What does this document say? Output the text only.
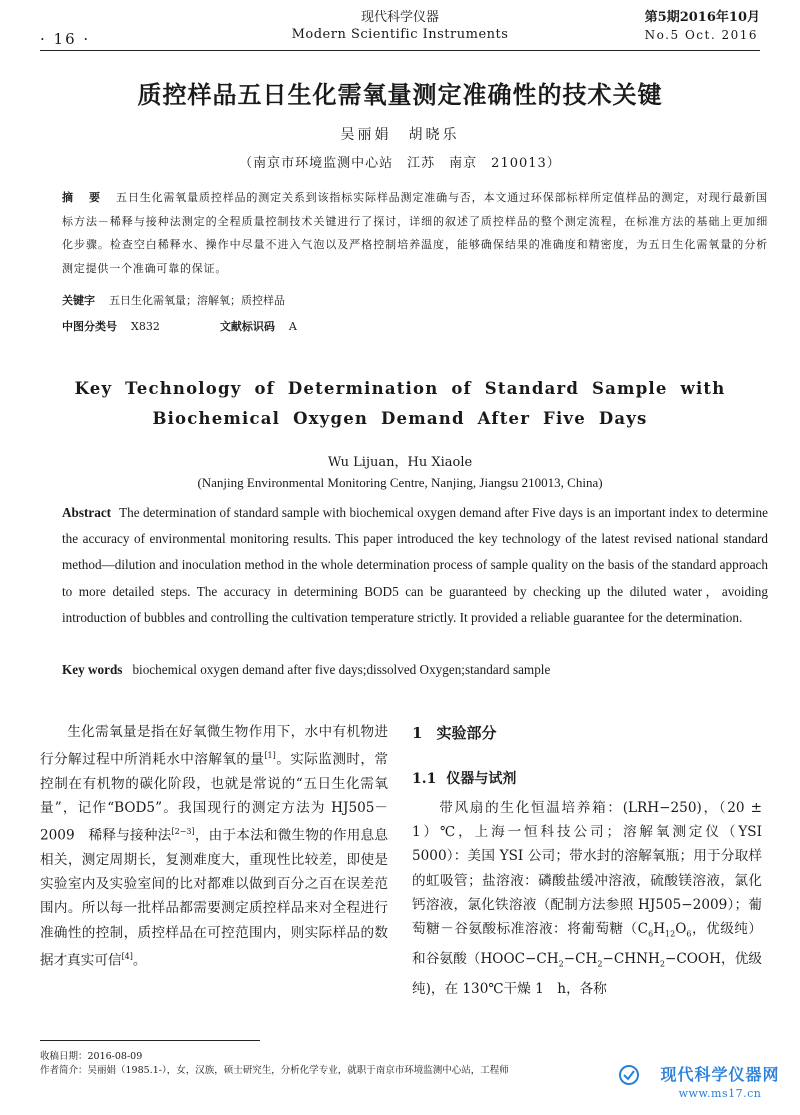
· 16 ·
现代科学仪器
Modern Scientific Instruments
第5期2016年10月
No.5 Oct. 2016
质控样品五日生化需氧量测定准确性的技术关键
吴丽娟　胡晓乐
（南京市环境监测中心站　江苏　南京　210013）
摘 要 五日生化需氧量质控样品的测定关系到该指标实际样品测定准确与否，本文通过环保部标样所定值样品的测定，对现行最新国标方法－稀释与接种法测定的全程质量控制技术关键进行了探讨，详细的叙述了质控样品的整个测定流程，在标准方法的基础上更加细化步骤。检查空白稀释水、操作中尽量不进入气泡以及严格控制培养温度，能够确保结果的准确度和精密度，为五日生化需氧量的分析测定提供一个准确可靠的保证。
关键字 五日生化需氧量；溶解氧；质控样品
中图分类号 X832	文献标识码 A
Key Technology of Determination of Standard Sample with Biochemical Oxygen Demand After Five Days
Wu Lijuan，Hu Xiaole
(Nanjing Environmental Monitoring Centre, Nanjing, Jiangsu 210013, China)
Abstract The determination of standard sample with biochemical oxygen demand after Five days is an important index to determine the accuracy of environmental monitoring results. This paper introduced the key technology of the latest revised national standard method—dilution and inoculation method in the whole determination process of sample quality on the basis of the standard approach to more detailed steps. The accuracy in determining BOD5 can be guaranteed by checking up the diluted water，avoiding introduction of bubbles and controlling the cultivation temperature strictly. It provided a reliable guarantee for the determination.
Key words biochemical oxygen demand after five days;dissolved Oxygen;standard sample

生化需氧量是指在好氧微生物作用下，水中有机物进行分解过程中所消耗水中溶解氧的量[1]。实际监测时，常控制在有机物的碳化阶段，也就是常说的“五日生化需氧量”，记作“BOD5”。我国现行的测定方法为 HJ505－2009　稀释与接种法[2−3]，由于本法和微生物的作用息息相关，测定周期长，复测难度大，重现性比较差，即使是实验室内及实验室间的比对都难以做到百分之百在误差范围内。所以每一批样品都需要测定质控样品来对全程进行准确性的控制，质控样品在可控范围内，则实际样品的数据才真实可信[4]。

1 实验部分
1.1 仪器与试剂

带风扇的生化恒温培养箱：(LRH−250)，（20 ± 1）℃，上海一恒科技公司；溶解氧测定仪（YSI 5000）：美国 YSI 公司；带水封的溶解氧瓶；用于分取样的虹吸管；盐溶液：磷酸盐缓冲溶液，硫酸镁溶液，氯化钙溶液，氯化铁溶液（配制方法参照 HJ505−2009）；葡萄糖－谷氨酸标准溶液：将葡萄糖（$C_6H_{12}O_6$，优级纯）和谷氨酸（$HOOC-CH_2-CH_2-CHNH_2-COOH$，优级纯)，在 130℃干燥 1　h，各称

收稿日期：2016-08-09
作者简介：吴丽娟（1985.1-），女，汉族，硕士研究生，分析化学专业，就职于南京市环境监测中心站，工程师	现代科学仪器网
www.ms17.cn
